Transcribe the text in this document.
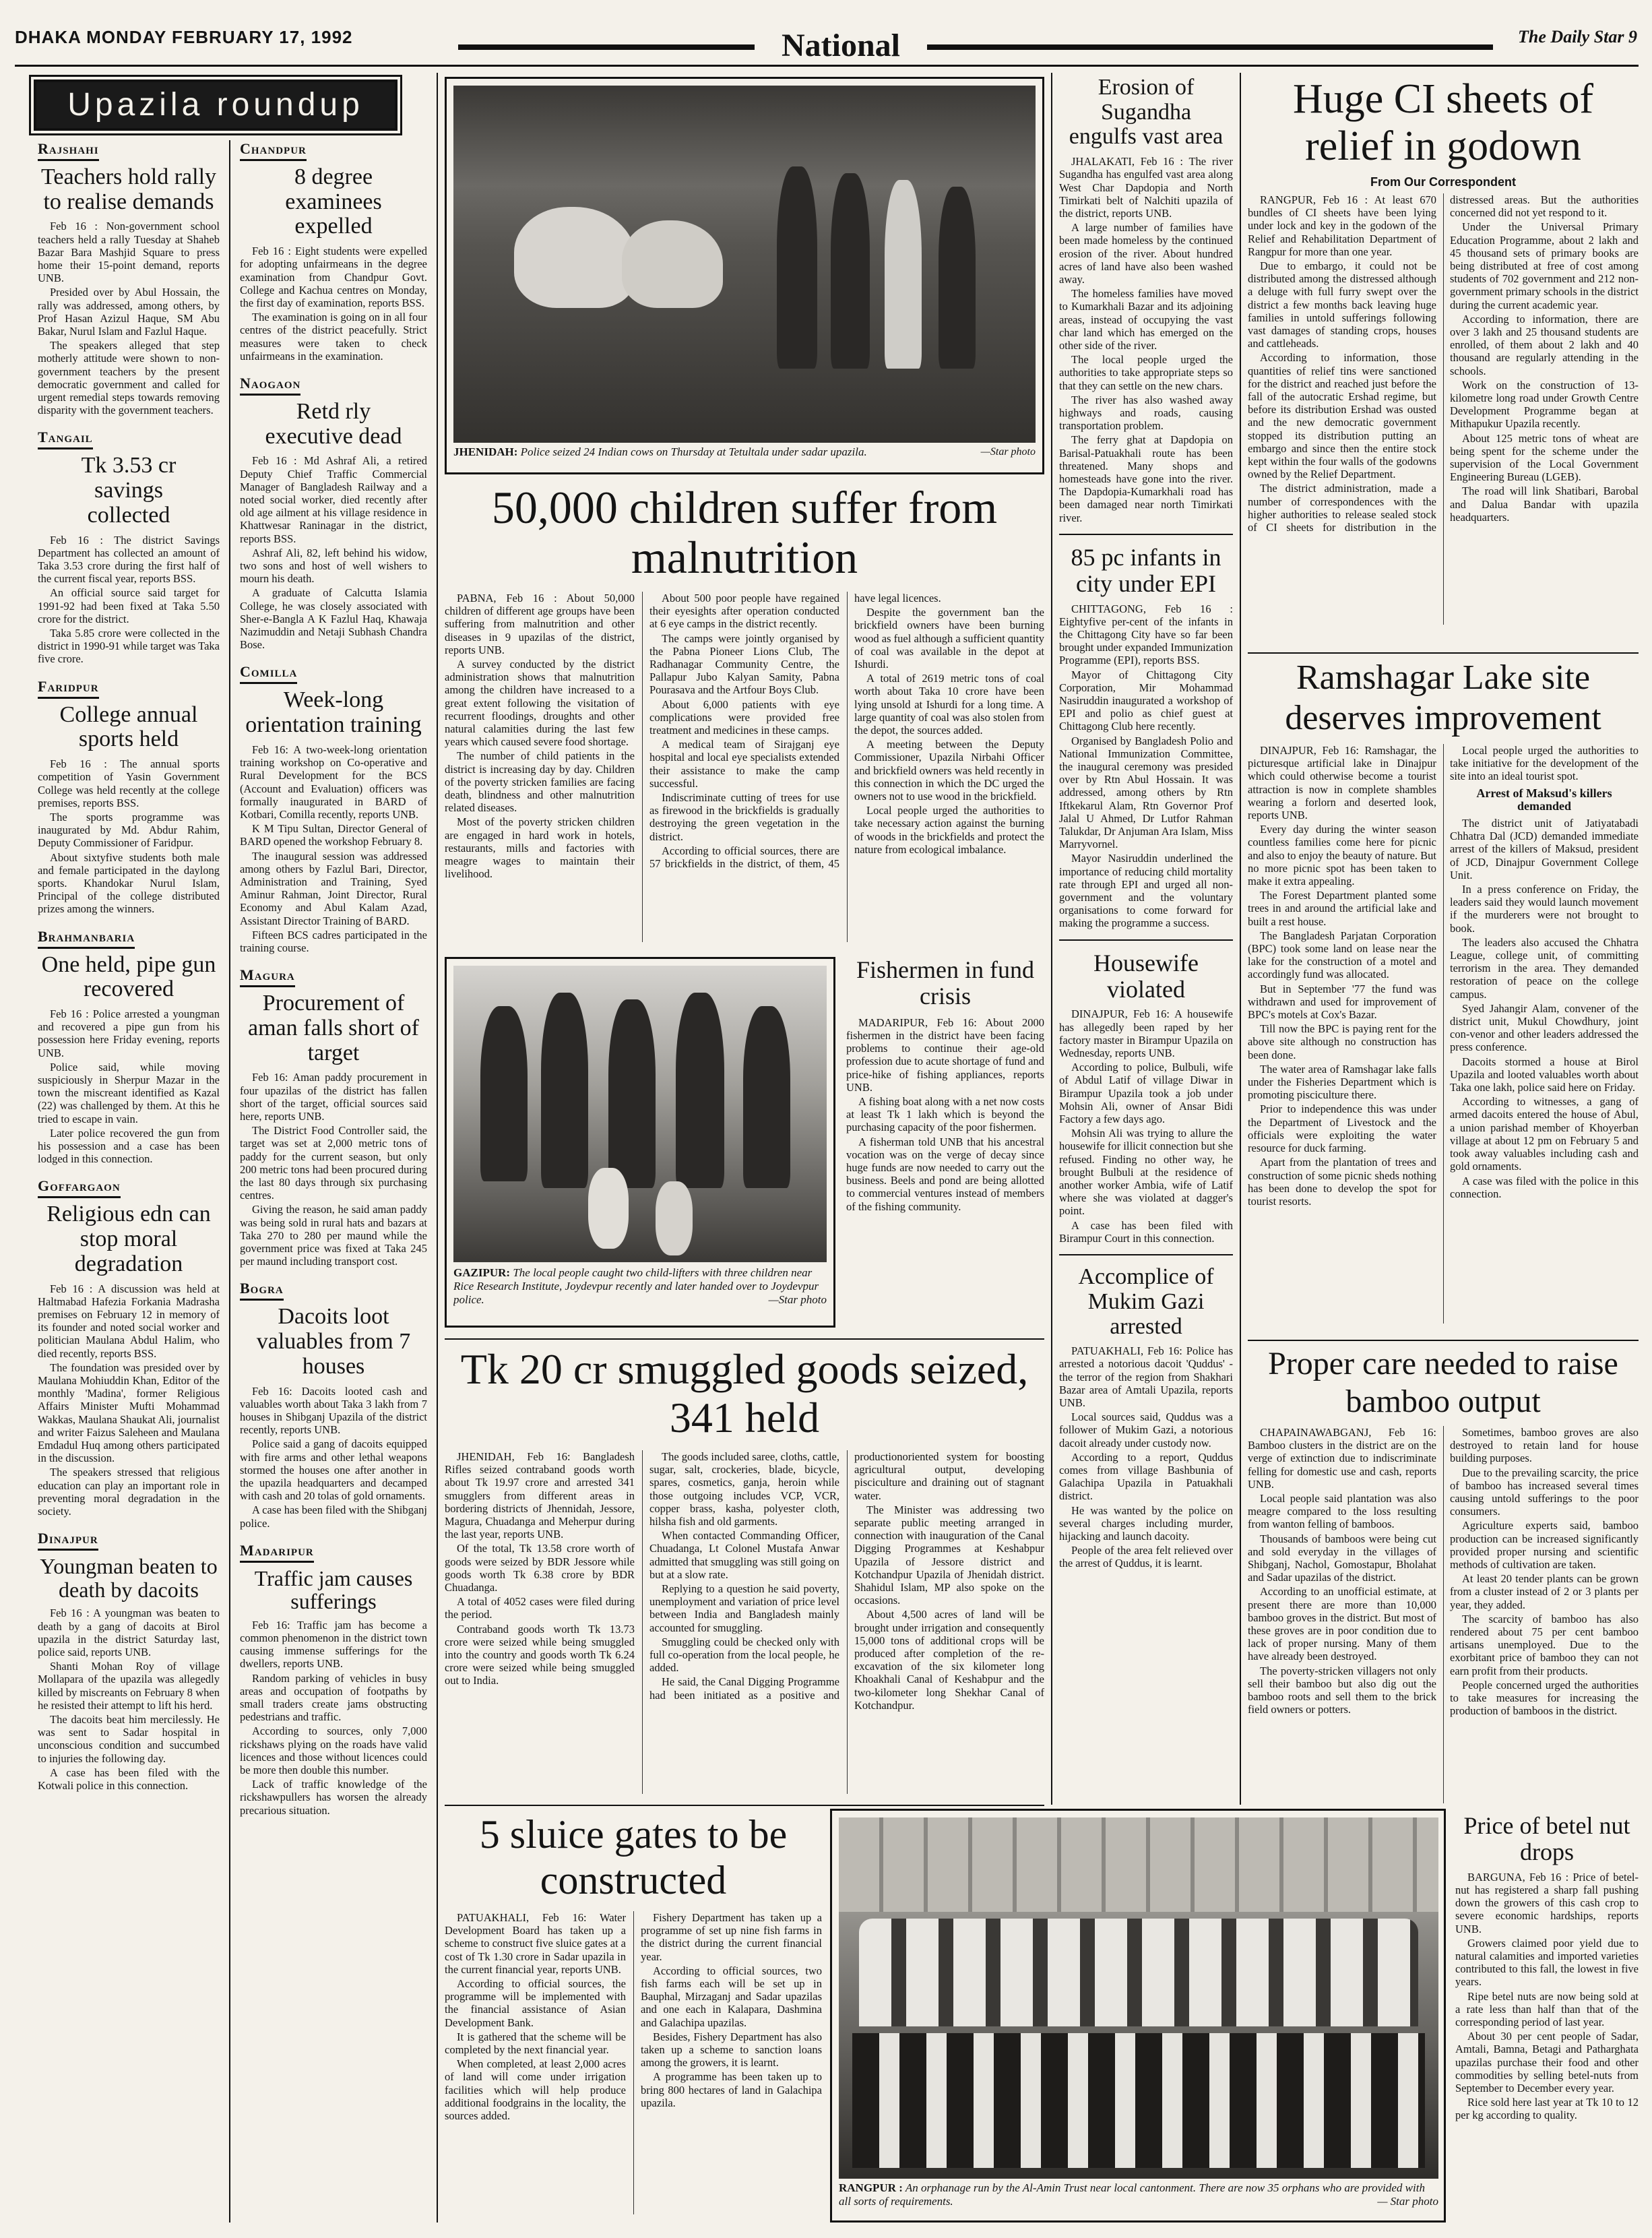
DHAKA MONDAY FEBRUARY 17, 1992	National	The Daily Star 9
Upazila roundup
Rajshahi
Teachers hold rally to realise demands

Feb 16 : Non-government school teachers held a rally Tuesday at Shaheb Bazar Bara Mashjid Square to press home their 15-point demand, reports UNB.

Presided over by Abul Hossain, the rally was addressed, among others, by Prof Hasan Azizul Haque, SM Abu Bakar, Nurul Islam and Fazlul Haque.

The speakers alleged that step motherly attitude were shown to non-government teachers by the present democratic government and called for urgent remedial steps towards removing disparity with the government teachers.

Tangail
Tk 3.53 cr savings collected

Feb 16 : The district Savings Department has collected an amount of Taka 3.53 crore during the first half of the current fiscal year, reports BSS.

An official source said target for 1991-92 had been fixed at Taka 5.50 crore for the district.

Taka 5.85 crore were collected in the district in 1990-91 while target was Taka five crore.

Faridpur
College annual sports held

Feb 16 : The annual sports competition of Yasin Government College was held recently at the college premises, reports BSS.

The sports programme was inaugurated by Md. Abdur Rahim, Deputy Commissioner of Faridpur.

About sixtyfive students both male and female participated in the daylong sports. Khandokar Nurul Islam, Principal of the college distributed prizes among the winners.

Brahmanbaria
One held, pipe gun recovered

Feb 16 : Police arrested a youngman and recovered a pipe gun from his possession here Friday evening, reports UNB.

Police said, while moving suspiciously in Sherpur Mazar in the town the miscreant identified as Kazal (22) was challenged by them. At this he tried to escape in vain.

Later police recovered the gun from his possession and a case has been lodged in this connection.

Goffargaon
Religious edn can stop moral degradation

Feb 16 : A discussion was held at Haltmabad Hafezia Forkania Madrasha premises on February 12 in memory of its founder and noted social worker and politician Maulana Abdul Halim, who died recently, reports BSS.

The foundation was presided over by Maulana Mohiuddin Khan, Editor of the monthly 'Madina', former Religious Affairs Minister Mufti Mohammad Wakkas, Maulana Shaukat Ali, journalist and writer Faizus Saleheen and Maulana Emdadul Huq among others participated in the discussion.

The speakers stressed that religious education can play an important role in preventing moral degradation in the society.

Dinajpur
Youngman beaten to death by dacoits

Feb 16 : A youngman was beaten to death by a gang of dacoits at Birol upazila in the district Saturday last, police said, reports UNB.

Shanti Mohan Roy of village Mollapara of the upazila was allegedly killed by miscreants on February 8 when he resisted their attempt to lift his herd.

The dacoits beat him mercilessly. He was sent to Sadar hospital in unconscious condition and succumbed to injuries the following day.

A case has been filed with the Kotwali police in this connection.

Chandpur
8 degree examinees expelled

Feb 16 : Eight students were expelled for adopting unfairmeans in the degree examination from Chandpur Govt. College and Kachua centres on Monday, the first day of examination, reports BSS.

The examination is going on in all four centres of the district peacefully. Strict measures were taken to check unfairmeans in the examination.

Naogaon
Retd rly executive dead

Feb 16 : Md Ashraf Ali, a retired Deputy Chief Traffic Commercial Manager of Bangladesh Railway and a noted social worker, died recently after old age ailment at his village residence in Khattwesar Raninagar in the district, reports BSS.

Ashraf Ali, 82, left behind his widow, two sons and host of well wishers to mourn his death.

A graduate of Calcutta Islamia College, he was closely associated with Sher-e-Bangla A K Fazlul Haq, Khawaja Nazimuddin and Netaji Subhash Chandra Bose.

Comilla
Week-long orientation training

Feb 16: A two-week-long orientation training workshop on Co-operative and Rural Development for the BCS (Account and Evaluation) officers was formally inaugurated in BARD of Kotbari, Comilla recently, reports UNB.

K M Tipu Sultan, Director General of BARD opened the workshop February 8.

The inaugural session was addressed among others by Fazlul Bari, Director, Administration and Training, Syed Aminur Rahman, Joint Director, Rural Economy and Abul Kalam Azad, Assistant Director Training of BARD.

Fifteen BCS cadres participated in the training course.

Magura
Procurement of aman falls short of target

Feb 16: Aman paddy procurement in four upazilas of the district has fallen short of the target, official sources said here, reports UNB.

The District Food Controller said, the target was set at 2,000 metric tons of paddy for the current season, but only 200 metric tons had been procured during the last 80 days through six purchasing centres.

Giving the reason, he said aman paddy was being sold in rural hats and bazars at Taka 270 to 280 per maund while the government price was fixed at Taka 245 per maund including transport cost.

Bogra
Dacoits loot valuables from 7 houses

Feb 16: Dacoits looted cash and valuables worth about Taka 3 lakh from 7 houses in Shibganj Upazila of the district recently, reports UNB.

Police said a gang of dacoits equipped with fire arms and other lethal weapons stormed the houses one after another in the upazila headquarters and decamped with cash and 20 tolas of gold ornaments.

A case has been filed with the Shibganj police.

Madaripur
Traffic jam causes sufferings

Feb 16: Traffic jam has become a common phenomenon in the district town causing immense sufferings for the dwellers, reports UNB.

Random parking of vehicles in busy areas and occupation of footpaths by small traders create jams obstructing pedestrians and traffic.

According to sources, only 7,000 rickshaws plying on the roads have valid licences and those without licences could be more then double this number.

Lack of traffic knowledge of the rickshawpullers has worsen the already precarious situation.

JHENIDAH: Police seized 24 Indian cows on Thursday at Tetultala under sadar upazila.	—Star photo
50,000 children suffer from malnutrition

PABNA, Feb 16 : About 50,000 children of different age groups have been suffering from malnutrition and other diseases in 9 upazilas of the district, reports UNB.

A survey conducted by the district administration shows that malnutrition among the children have increased to a great extent following the visitation of recurrent floodings, droughts and other natural calamities during the last few years which caused severe food shortage.

The number of child patients in the district is increasing day by day. Children of the poverty stricken families are facing death, blindness and other malnutrition related diseases.

Most of the poverty stricken children are engaged in hard work in hotels, restaurants, mills and factories with meagre wages to maintain their livelihood.

About 500 poor people have regained their eyesights after operation conducted at 6 eye camps in the district recently.

The camps were jointly organised by the Pabna Pioneer Lions Club, The Radhanagar Community Centre, the Pallapur Jubo Kalyan Samity, Pabna Pourasava and the Artfour Boys Club.

About 6,000 patients with eye complications were provided free treatment and medicines in these camps.

A medical team of Sirajganj eye hospital and local eye specialists extended their assistance to make the camp successful.

Indiscriminate cutting of trees for use as firewood in the brickfields is gradually destroying the green vegetation in the district.

According to official sources, there are 57 brickfields in the district, of them, 45 have legal licences.

Despite the government ban the brickfield owners have been burning wood as fuel although a sufficient quantity of coal was available in the depot at Ishurdi.

A total of 2619 metric tons of coal worth about Taka 10 crore have been lying unsold at Ishurdi for a long time. A large quantity of coal was also stolen from the depot, the sources added.

A meeting between the Deputy Commissioner, Upazila Nirbahi Officer and brickfield owners was held recently in this connection in which the DC urged the owners not to use wood in the brickfield.

Local people urged the authorities to take necessary action against the burning of woods in the brickfields and protect the nature from ecological imbalance.

GAZIPUR: The local people caught two child-lifters with three children near Rice Research Institute, Joydevpur recently and later handed over to Joydevpur police.	—Star photo
Fishermen in fund crisis

MADARIPUR, Feb 16: About 2000 fishermen in the district have been facing problems to continue their age-old profession due to acute shortage of fund and price-hike of fishing appliances, reports UNB.

A fishing boat along with a net now costs at least Tk 1 lakh which is beyond the purchasing capacity of the poor fishermen.

A fisherman told UNB that his ancestral vocation was on the verge of decay since huge funds are now needed to carry out the business. Beels and pond are being allotted to commercial ventures instead of members of the fishing community.

Tk 20 cr smuggled goods seized, 341 held

JHENIDAH, Feb 16: Bangladesh Rifles seized contraband goods worth about Tk 19.97 crore and arrested 341 smugglers from different areas in bordering districts of Jhennidah, Jessore, Magura, Chuadanga and Meherpur during the last year, reports UNB.

Of the total, Tk 13.58 crore worth of goods were seized by BDR Jessore while goods worth Tk 6.38 crore by BDR Chuadanga.

A total of 4052 cases were filed during the period.

Contraband goods worth Tk 13.73 crore were seized while being smuggled into the country and goods worth Tk 6.24 crore were seized while being smuggled out to India.

The goods included saree, cloths, cattle, sugar, salt, crockeries, blade, bicycle, spares, cosmetics, ganja, heroin while those outgoing includes VCP, VCR, copper brass, kasha, polyester cloth, hilsha fish and old garments.

When contacted Commanding Officer, Chuadanga, Lt Colonel Mustafa Anwar admitted that smuggling was still going on but at a slow rate.

Replying to a question he said poverty, unemployment and variation of price level between India and Bangladesh mainly accounted for smuggling.

Smuggling could be checked only with full co-operation from the local people, he added.

He said, the Canal Digging Programme had been initiated as a positive and productionoriented system for boosting agricultural output, developing pisciculture and draining out of stagnant water.

The Minister was addressing two separate public meeting arranged in connection with inauguration of the Canal Digging Programmes at Keshabpur Upazila of Jessore district and Kotchandpur Upazila of Jhenidah district. Shahidul Islam, MP also spoke on the occasions.

About 4,500 acres of land will be brought under irrigation and consequently 15,000 tons of additional crops will be produced after completion of the re-excavation of the six kilometer long Khoakhali Canal of Keshabpur and the two-kilometer long Shekhar Canal of Kotchandpur.

5 sluice gates to be constructed

PATUAKHALI, Feb 16: Water Development Board has taken up a scheme to construct five sluice gates at a cost of Tk 1.30 crore in Sadar upazila in the current financial year, reports UNB.

According to official sources, the programme will be implemented with the financial assistance of Asian Development Bank.

It is gathered that the scheme will be completed by the next financial year.

When completed, at least 2,000 acres of land will come under irrigation facilities which will help produce additional foodgrains in the locality, the sources added.

Fishery Department has taken up a programme of set up nine fish farms in the district during the current financial year.

According to official sources, two fish farms each will be set up in Bauphal, Mirzaganj and Sadar upazilas and one each in Kalapara, Dashmina and Galachipa upazilas.

Besides, Fishery Department has also taken up a scheme to sanction loans among the growers, it is learnt.

A programme has been taken up to bring 800 hectares of land in Galachipa upazila.

Erosion of Sugandha engulfs vast area

JHALAKATI, Feb 16 : The river Sugandha has engulfed vast area along West Char Dapdopia and North Timirkati belt of Nalchiti upazila of the district, reports UNB.

A large number of families have been made homeless by the continued erosion of the river. About hundred acres of land have also been washed away.

The homeless families have moved to Kumarkhali Bazar and its adjoining areas, instead of occupying the vast char land which has emerged on the other side of the river.

The local people urged the authorities to take appropriate steps so that they can settle on the new chars.

The river has also washed away highways and roads, causing transportation problem.

The ferry ghat at Dapdopia on Barisal-Patuakhali route has been threatened. Many shops and homesteads have gone into the river. The Dapdopia-Kumarkhali road has been damaged near north Timirkati river.

85 pc infants in city under EPI

CHITTAGONG, Feb 16 : Eightyfive per-cent of the infants in the Chittagong City have so far been brought under expanded Immunization Programme (EPI), reports BSS.

Mayor of Chittagong City Corporation, Mir Mohammad Nasiruddin inaugurated a workshop of EPI and polio as chief guest at Chittagong Club here recently.

Organised by Bangladesh Polio and National Immunization Committee, the inaugural ceremony was presided over by Rtn Abul Hossain. It was addressed, among others by Rtn Iftkekarul Alam, Rtn Governor Prof Jalal U Ahmed, Dr Lutfor Rahman Talukdar, Dr Anjuman Ara Islam, Miss Marryvornel.

Mayor Nasiruddin underlined the importance of reducing child mortality rate through EPI and urged all non-government and the voluntary organisations to come forward for making the programme a success.

Housewife violated

DINAJPUR, Feb 16: A housewife has allegedly been raped by her factory master in Birampur Upazila on Wednesday, reports UNB.

According to police, Bulbuli, wife of Abdul Latif of village Diwar in Birampur Upazila took a job under Mohsin Ali, owner of Ansar Bidi Factory a few days ago.

Mohsin Ali was trying to allure the housewife for illicit connection but she refused. Finding no other way, he brought Bulbuli at the residence of another worker Ambia, wife of Latif where she was violated at dagger's point.

A case has been filed with Birampur Court in this connection.

Accomplice of Mukim Gazi arrested

PATUAKHALI, Feb 16: Police has arrested a notorious dacoit 'Quddus' - the terror of the region from Shakhari Bazar area of Amtali Upazila, reports UNB.

Local sources said, Quddus was a follower of Mukim Gazi, a notorious dacoit already under custody now.

According to a report, Quddus comes from village Bashbunia of Galachipa Upazila in Patuakhali district.

He was wanted by the police on several charges including murder, hijacking and launch dacoity.

People of the area felt relieved over the arrest of Quddus, it is learnt.

Huge CI sheets of relief in godown
From Our Correspondent

RANGPUR, Feb 16 : At least 670 bundles of CI sheets have been lying under lock and key in the godown of the Relief and Rehabilitation Department of Rangpur for more than one year.

Due to embargo, it could not be distributed among the distressed although a deluge with full furry swept over the district a few months back leaving huge families in untold sufferings following vast damages of standing crops, houses and cattleheads.

According to information, those quantities of relief tins were sanctioned for the district and reached just before the fall of the autocratic Ershad regime, but before its distribution Ershad was ousted and the new democratic government stopped its distribution putting an embargo and since then the entire stock kept within the four walls of the godowns owned by the Relief Department.

The district administration, made a number of correspondences with the higher authorities to release sealed stock of CI sheets for distribution in the distressed areas. But the authorities concerned did not yet respond to it.

Under the Universal Primary Education Programme, about 2 lakh and 45 thousand sets of primary books are being distributed at free of cost among students of 702 government and 212 non-government primary schools in the district during the current academic year.

According to information, there are over 3 lakh and 25 thousand students are enrolled, of them about 2 lakh and 40 thousand are regularly attending in the schools.

Work on the construction of 13-kilometre long road under Growth Centre Development Programme began at Mithapukur Upazila recently.

About 125 metric tons of wheat are being spent for the scheme under the supervision of the Local Government Engineering Bureau (LGEB).

The road will link Shatibari, Barobal and Dalua Bandar with upazila headquarters.

Ramshagar Lake site deserves improvement

DINAJPUR, Feb 16: Ramshagar, the picturesque artificial lake in Dinajpur which could otherwise become a tourist attraction is now in complete shambles wearing a forlorn and deserted look, reports UNB.

Every day during the winter season countless families come here for picnic and also to enjoy the beauty of nature. But no more picnic spot has been taken to make it extra appealing.

The Forest Department planted some trees in and around the artificial lake and built a rest house.

The Bangladesh Parjatan Corporation (BPC) took some land on lease near the lake for the construction of a motel and accordingly fund was allocated.

But in September '77 the fund was withdrawn and used for improvement of BPC's motels at Cox's Bazar.

Till now the BPC is paying rent for the above site although no construction has been done.

The water area of Ramshagar lake falls under the Fisheries Department which is promoting pisciculture there.

Prior to independence this was under the Department of Livestock and the officials were exploiting the water resource for duck farming.

Apart from the plantation of trees and construction of some picnic sheds nothing has been done to develop the spot for tourist resorts.

Local people urged the authorities to take initiative for the development of the site into an ideal tourist spot.

Arrest of Maksud's killers demanded

The district unit of Jatiyatabadi Chhatra Dal (JCD) demanded immediate arrest of the killers of Maksud, president of JCD, Dinajpur Government College Unit.

In a press conference on Friday, the leaders said they would launch movement if the murderers were not brought to book.

The leaders also accused the Chhatra League, college unit, of committing terrorism in the area. They demanded restoration of peace on the college campus.

Syed Jahangir Alam, convener of the district unit, Mukul Chowdhury, joint con-venor and other leaders addressed the press conference.

Dacoits stormed a house at Birol Upazila and looted valuables worth about Taka one lakh, police said here on Friday.

According to witnesses, a gang of armed dacoits entered the house of Abul, a union parishad member of Khoyerban village at about 12 pm on February 5 and took away valuables including cash and gold ornaments.

A case was filed with the police in this connection.

Proper care needed to raise bamboo output

CHAPAINAWABGANJ, Feb 16: Bamboo clusters in the district are on the verge of extinction due to indiscriminate felling for domestic use and cash, reports UNB.

Local people said plantation was also meagre compared to the loss resulting from wanton felling of bamboos.

Thousands of bamboos were being cut and sold everyday in the villages of Shibganj, Nachol, Gomostapur, Bholahat and Sadar upazilas of the district.

According to an unofficial estimate, at present there are more than 10,000 bamboo groves in the district. But most of these groves are in poor condition due to lack of proper nursing. Many of them have already been destroyed.

The poverty-stricken villagers not only sell their bamboo but also dig out the bamboo roots and sell them to the brick field owners or potters.

Sometimes, bamboo groves are also destroyed to retain land for house building purposes.

Due to the prevailing scarcity, the price of bamboo has increased several times causing untold sufferings to the poor consumers.

Agriculture experts said, bamboo production can be increased significantly provided proper nursing and scientific methods of cultivation are taken.

At least 20 tender plants can be grown from a cluster instead of 2 or 3 plants per year, they added.

The scarcity of bamboo has also rendered about 75 per cent bamboo artisans unemployed. Due to the exorbitant price of bamboo they can not earn profit from their products.

People concerned urged the authorities to take measures for increasing the production of bamboos in the district.

RANGPUR : An orphanage run by the Al-Amin Trust near local cantonment. There are now 35 orphans who are provided with all sorts of requirements.	— Star photo
Price of betel nut drops

BARGUNA, Feb 16 : Price of betel-nut has registered a sharp fall pushing down the growers of this cash crop to severe economic hardships, reports UNB.

Growers claimed poor yield due to natural calamities and imported varieties contributed to this fall, the lowest in five years.

Ripe betel nuts are now being sold at a rate less than half than that of the corresponding period of last year.

About 30 per cent people of Sadar, Amtali, Bamna, Betagi and Patharghata upazilas purchase their food and other commodities by selling betel-nuts from September to December every year.

Rice sold here last year at Tk 10 to 12 per kg according to quality.
